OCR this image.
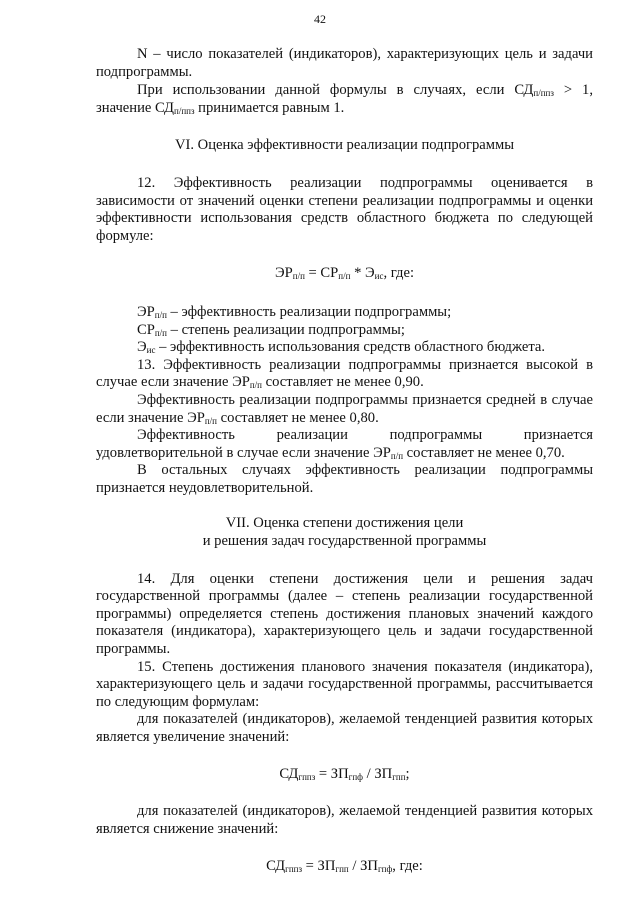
42

N – число показателей (индикаторов), характеризующих цель и задачи подпрограммы.

При использовании данной формулы в случаях, если $СД_{п/ппз} > 1$, значение $СД_{п/ппз}$ принимается равным 1.

VI. Оценка эффективности реализации подпрограммы

12. Эффективность реализации подпрограммы оценивается в зависимости от значений оценки степени реализации подпрограммы и оценки эффективности использования средств областного бюджета по следующей формуле:

$ЭР_{п/п} = СР_{п/п} * Э_{ис}$, где:

$ЭР_{п/п}$ – эффективность реализации подпрограммы;

$СР_{п/п}$ – степень реализации подпрограммы;

$Э_{ис}$ – эффективность использования средств областного бюджета.

13. Эффективность реализации подпрограммы признается высокой в случае если значение $ЭР_{п/п}$ составляет не менее 0,90.

Эффективность реализации подпрограммы признается средней в случае если значение $ЭР_{п/п}$ составляет не менее 0,80.

Эффективность реализации подпрограммы признается удовлетворительной в случае если значение $ЭР_{п/п}$ составляет не менее 0,70.

В остальных случаях эффективность реализации подпрограммы признается неудовлетворительной.

VII. Оценка степени достижения цели
и решения задач государственной программы

14. Для оценки степени достижения цели и решения задач государственной программы (далее – степень реализации государственной программы) определяется степень достижения плановых значений каждого показателя (индикатора), характеризующего цель и задачи государственной программы.

15. Степень достижения планового значения показателя (индикатора), характеризующего цель и задачи государственной программы, рассчитывается по следующим формулам:

для показателей (индикаторов), желаемой тенденцией развития которых является увеличение значений:

$СД_{гппз} = ЗП_{гпф} / ЗП_{гпп}$;

для показателей (индикаторов), желаемой тенденцией развития которых является снижение значений:

$СД_{гппз} = ЗП_{гпп} / ЗП_{гпф}$, где:
